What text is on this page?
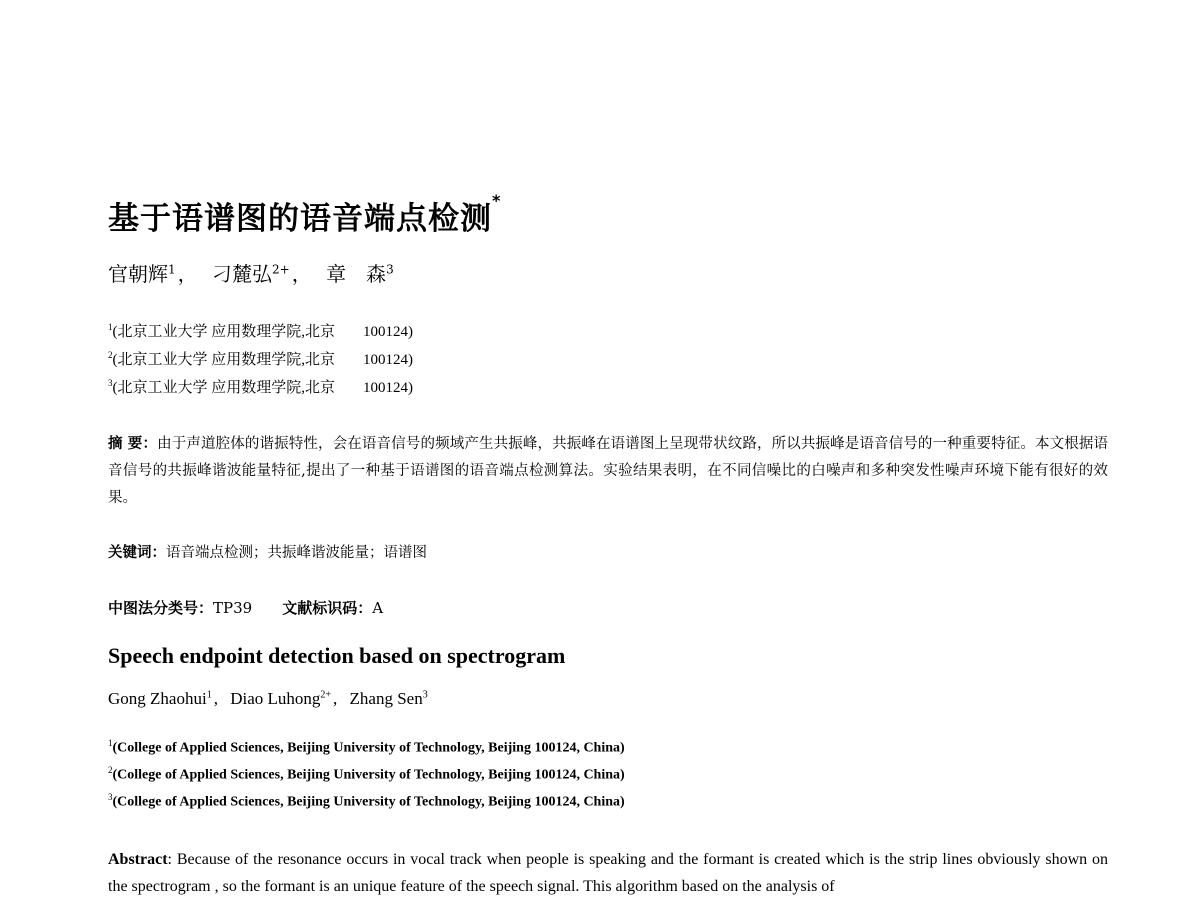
基于语谱图的语音端点检测*
官朝辉$^1$ ， 刁麓弘$^{2+}$ ， 章　森$^3$
$^1$(北京工业大学 应用数理学院,北京 100124)
$^2$(北京工业大学 应用数理学院,北京 100124)
$^3$(北京工业大学 应用数理学院,北京 100124)
摘 要：由于声道腔体的谐振特性，会在语音信号的频域产生共振峰，共振峰在语谱图上呈现带状纹路，所以共振峰是语音信号的一种重要特征。本文根据语音信号的共振峰谐波能量特征,提出了一种基于语谱图的语音端点检测算法。实验结果表明，在不同信噪比的白噪声和多种突发性噪声环境下能有很好的效果。
关键词：语音端点检测；共振峰谐波能量；语谱图
中图法分类号：TP39 文献标识码：A
Speech endpoint detection based on spectrogram
Gong Zhaohui$^1$ , Diao Luhong$^{2+}$ , Zhang Sen$^3$
$^1$(College of Applied Sciences, Beijing University of Technology, Beijing 100124, China)
$^2$(College of Applied Sciences, Beijing University of Technology, Beijing 100124, China)
$^3$(College of Applied Sciences, Beijing University of Technology, Beijing 100124, China)
Abstract: Because of the resonance occurs in vocal track when people is speaking and the formant is created which is the strip lines obviously shown on the spectrogram , so the formant is an unique feature of the speech signal. This algorithm based on the analysis of
